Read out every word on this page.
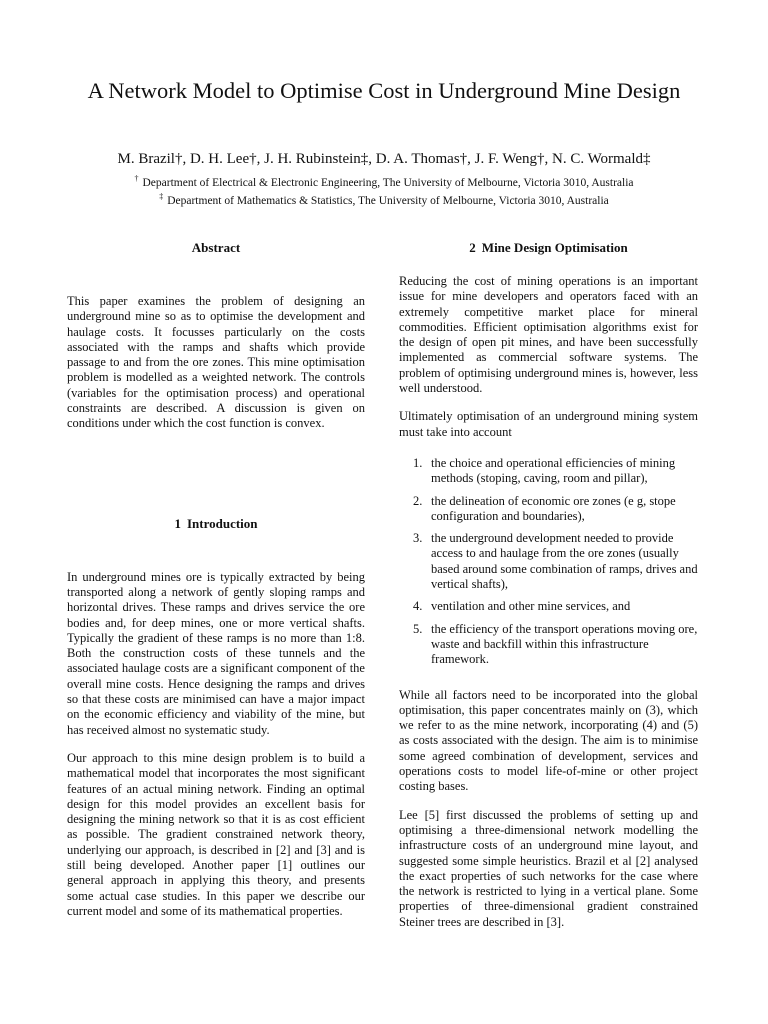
A Network Model to Optimise Cost in Underground Mine Design

M. Brazil†, D. H. Lee†, J. H. Rubinstein‡, D. A. Thomas†, J. F. Weng†, N. C. Wormald‡

† Department of Electrical & Electronic Engineering, The University of Melbourne, Victoria 3010, Australia

‡ Department of Mathematics & Statistics, The University of Melbourne, Victoria 3010, Australia

Abstract

This paper examines the problem of designing an underground mine so as to optimise the development and haulage costs. It focusses particularly on the costs associated with the ramps and shafts which provide passage to and from the ore zones. This mine optimisation problem is modelled as a weighted network. The controls (variables for the optimisation process) and operational constraints are described. A discussion is given on conditions under which the cost function is convex.

1 Introduction

In underground mines ore is typically extracted by being transported along a network of gently sloping ramps and horizontal drives. These ramps and drives service the ore bodies and, for deep mines, one or more vertical shafts. Typically the gradient of these ramps is no more than 1:8. Both the construction costs of these tunnels and the associated haulage costs are a significant component of the overall mine costs. Hence designing the ramps and drives so that these costs are minimised can have a major impact on the economic efficiency and viability of the mine, but has received almost no systematic study.

Our approach to this mine design problem is to build a mathematical model that incorporates the most significant features of an actual mining network. Finding an optimal design for this model provides an excellent basis for designing the mining network so that it is as cost efficient as possible. The gradient constrained network theory, underlying our approach, is described in [2] and [3] and is still being developed. Another paper [1] outlines our general approach in applying this theory, and presents some actual case studies. In this paper we describe our current model and some of its mathematical properties.

2 Mine Design Optimisation

Reducing the cost of mining operations is an important issue for mine developers and operators faced with an extremely competitive market place for mineral commodities. Efficient optimisation algorithms exist for the design of open pit mines, and have been successfully implemented as commercial software systems. The problem of optimising underground mines is, however, less well understood.

Ultimately optimisation of an underground mining system must take into account

1. the choice and operational efficiencies of mining methods (stoping, caving, room and pillar),
2. the delineation of economic ore zones (e g, stope configuration and boundaries),
3. the underground development needed to provide access to and haulage from the ore zones (usually based around some combination of ramps, drives and vertical shafts),
4. ventilation and other mine services, and
5. the efficiency of the transport operations moving ore, waste and backfill within this infrastructure framework.

While all factors need to be incorporated into the global optimisation, this paper concentrates mainly on (3), which we refer to as the mine network, incorporating (4) and (5) as costs associated with the design. The aim is to minimise some agreed combination of development, services and operations costs to model life-of-mine or other project costing bases.

Lee [5] first discussed the problems of setting up and optimising a three-dimensional network modelling the infrastructure costs of an underground mine layout, and suggested some simple heuristics. Brazil et al [2] analysed the exact properties of such networks for the case where the network is restricted to lying in a vertical plane. Some properties of three-dimensional gradient constrained Steiner trees are described in [3].
